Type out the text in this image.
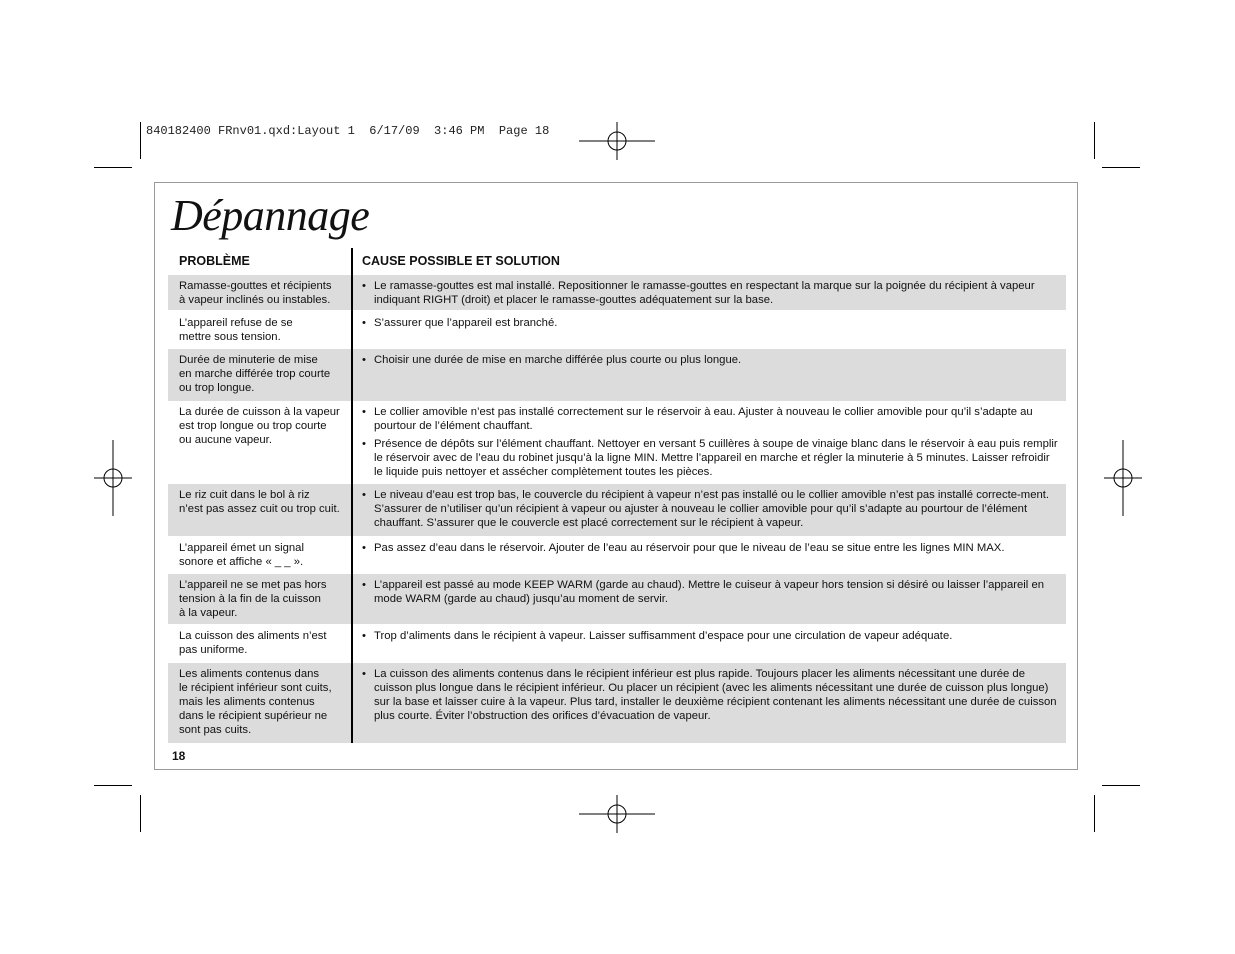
840182400 FRnv01.qxd:Layout 1  6/17/09  3:46 PM  Page 18
Dépannage
PROBLÈME	CAUSE POSSIBLE ET SOLUTION
Ramasse-gouttes et récipients
à vapeur inclinés ou instables.
• Le ramasse-gouttes est mal installé. Repositionner le ramasse-gouttes en respectant la marque sur la poignée du récipient à vapeur indiquant RIGHT (droit) et placer le ramasse-gouttes adéquatement sur la base.
L’appareil refuse de se
mettre sous tension.
• S’assurer que l’appareil est branché.
Durée de minuterie de mise
en marche différée trop courte
ou trop longue.
• Choisir une durée de mise en marche différée plus courte ou plus longue.
La durée de cuisson à la vapeur
est trop longue ou trop courte
ou aucune vapeur.
• Le collier amovible n’est pas installé correctement sur le réservoir à eau. Ajuster à nouveau le collier amovible pour qu’il s’adapte au pourtour de l’élément chauffant.
• Présence de dépôts sur l’élément chauffant. Nettoyer en versant 5 cuillères à soupe de vinaige blanc dans le réservoir à eau puis remplir le réservoir avec de l’eau du robinet jusqu’à la ligne MIN. Mettre l’appareil en marche et régler la minuterie à 5 minutes. Laisser refroidir le liquide puis nettoyer et assécher complètement toutes les pièces.
Le riz cuit dans le bol à riz
n’est pas assez cuit ou trop cuit.
• Le niveau d’eau est trop bas, le couvercle du récipient à vapeur n’est pas installé ou le collier amovible n’est pas installé correcte-ment. S’assurer de n’utiliser qu’un récipient à vapeur ou ajuster à nouveau le collier amovible pour qu’il s’adapte au pourtour de l’élément chauffant. S’assurer que le couvercle est placé correctement sur le récipient à vapeur.
L’appareil émet un signal
sonore et affiche « _ _ ».
• Pas assez d’eau dans le réservoir. Ajouter de l’eau au réservoir pour que le niveau de l’eau se situe entre les lignes MIN MAX.
L’appareil ne se met pas hors
tension à la fin de la cuisson
à la vapeur.
• L’appareil est passé au mode KEEP WARM (garde au chaud). Mettre le cuiseur à vapeur hors tension si désiré ou laisser l’appareil en mode WARM (garde au chaud) jusqu’au moment de servir.
La cuisson des aliments n’est
pas uniforme.
• Trop d’aliments dans le récipient à vapeur. Laisser suffisamment d’espace pour une circulation de vapeur adéquate.
Les aliments contenus dans
le récipient inférieur sont cuits,
mais les aliments contenus
dans le récipient supérieur ne
sont pas cuits.
• La cuisson des aliments contenus dans le récipient inférieur est plus rapide. Toujours placer les aliments nécessitant une durée de cuisson plus longue dans le récipient inférieur. Ou placer un récipient (avec les aliments nécessitant une durée de cuisson plus longue) sur la base et laisser cuire à la vapeur. Plus tard, installer le deuxième récipient contenant les aliments nécessitant une durée de cuisson plus courte. Éviter l’obstruction des orifices d’évacuation de vapeur.
18
